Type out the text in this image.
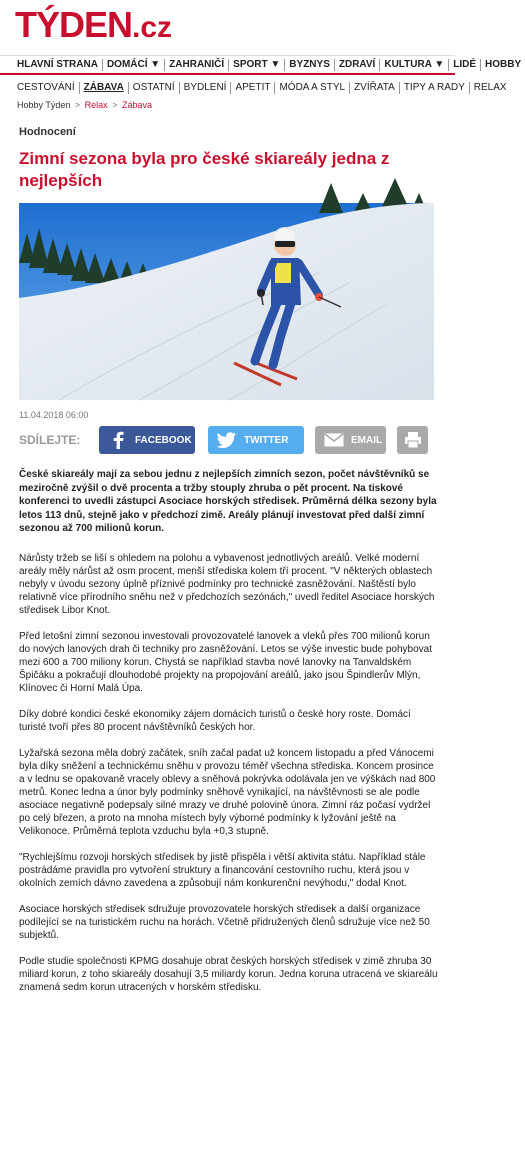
TÝDEN .cz
HLAVNÍ STRANA DOMÁCÍ ▼ ZAHRANIČÍ SPORT ▼ BYZNYS ZDRAVÍ KULTURA ▼ LIDÉ HOBBY
CESTOVÁNÍ ZÁBAVA OSTATNÍ BYDLENÍ APETIT MÓDA A STYL ZVÍŘATA TIPY A RADY RELAX
Hobby Týden > Relax > Zábava
Hodnocení
Zimní sezona byla pro české skiareály jedna z nejlepších
11.04.2018 06:00
SDÍLEJTE:	FACEBOOK	TWITTER	EMAIL

České skiareály mají za sebou jednu z nejlepších zimních sezon, počet návštěvníků se meziročně zvýšil o dvě procenta a tržby stouply zhruba o pět procent. Na tiskové konferenci to uvedli zástupci Asociace horských středisek. Průměrná délka sezony byla letos 113 dnů, stejně jako v předchozí zimě. Areály plánují investovat před další zimní sezonou až 700 milionů korun.

Nárůsty tržeb se liší s ohledem na polohu a vybavenost jednotlivých areálů. Velké moderní areály měly nárůst až osm procent, menší střediska kolem tří procent. "V některých oblastech nebyly v úvodu sezony úplně příznivé podmínky pro technické zasněžování. Naštěstí bylo relativně více přírodního sněhu než v předchozích sezónách," uvedl ředitel Asociace horských středisek Libor Knot.

Před letošní zimní sezonou investovali provozovatelé lanovek a vleků přes 700 milionů korun do nových lanových drah či techniky pro zasněžování. Letos se výše investic bude pohybovat mezi 600 a 700 miliony korun. Chystá se například stavba nové lanovky na Tanvaldském Špičáku a pokračují dlouhodobé projekty na propojování areálů, jako jsou Špindlerův Mlýn, Klínovec či Horní Malá Úpa.

Díky dobré kondici české ekonomiky zájem domácích turistů o české hory roste. Domácí turisté tvoří přes 80 procent návštěvníků českých hor.

Lyžařská sezona měla dobrý začátek, sníh začal padat už koncem listopadu a před Vánocemi byla díky sněžení a technickému sněhu v provozu téměř všechna střediska. Koncem prosince a v lednu se opakovaně vracely oblevy a sněhová pokrývka odolávala jen ve výškách nad 800 metrů. Konec ledna a únor byly podmínky sněhově vynikající, na návštěvnosti se ale podle asociace negativně podepsaly silné mrazy ve druhé polovině února. Zimní ráz počasí vydržel po celý březen, a proto na mnoha místech byly výborné podmínky k lyžování ještě na Velikonoce. Průměrná teplota vzduchu byla +0,3 stupně.

"Rychlejšímu rozvoji horských středisek by jistě přispěla i větší aktivita státu. Například stále postrádáme pravidla pro vytvoření struktury a financování cestovního ruchu, která jsou v okolních zemích dávno zavedena a způsobují nám konkurenční nevýhodu," dodal Knot.

Asociace horských středisek sdružuje provozovatele horských středisek a další organizace podílející se na turistickém ruchu na horách. Včetně přidružených členů sdružuje více než 50 subjektů.

Podle studie společnosti KPMG dosahuje obrat českých horských středisek v zimě zhruba 30 miliard korun, z toho skiareály dosahují 3,5 miliardy korun. Jedna koruna utracená ve skiareálu znamená sedm korun utracených v horském středisku.
